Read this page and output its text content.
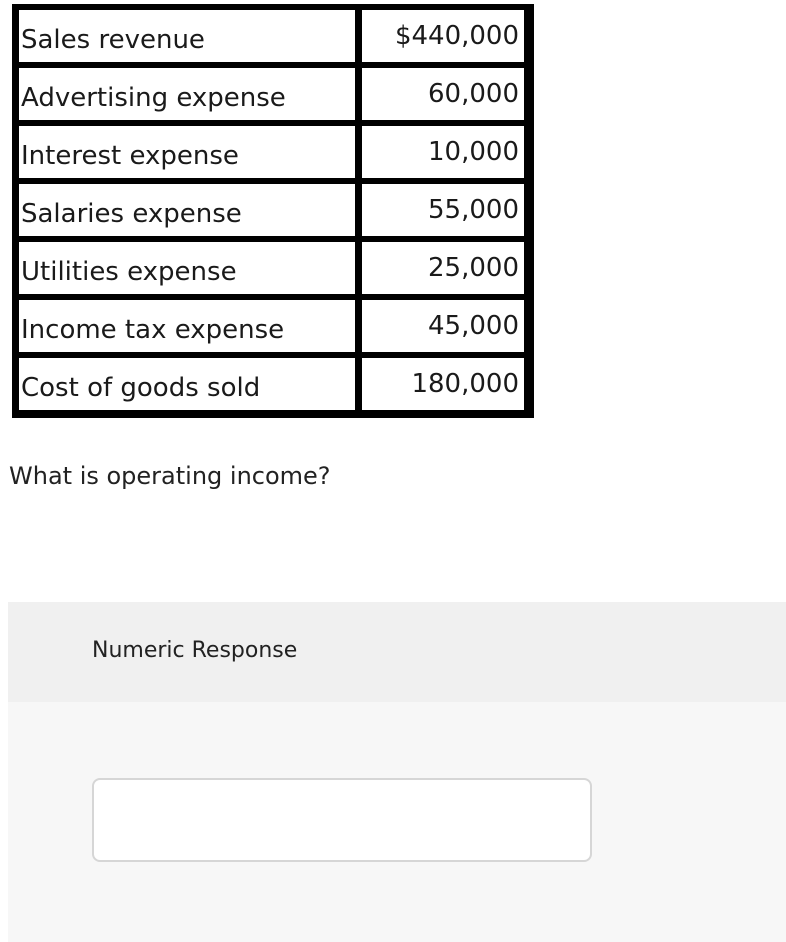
Sales revenue	$440,000
Advertising expense	60,000
Interest expense	10,000
Salaries expense	55,000
Utilities expense	25,000
Income tax expense	45,000
Cost of goods sold	180,000

What is operating income?

Numeric Response
